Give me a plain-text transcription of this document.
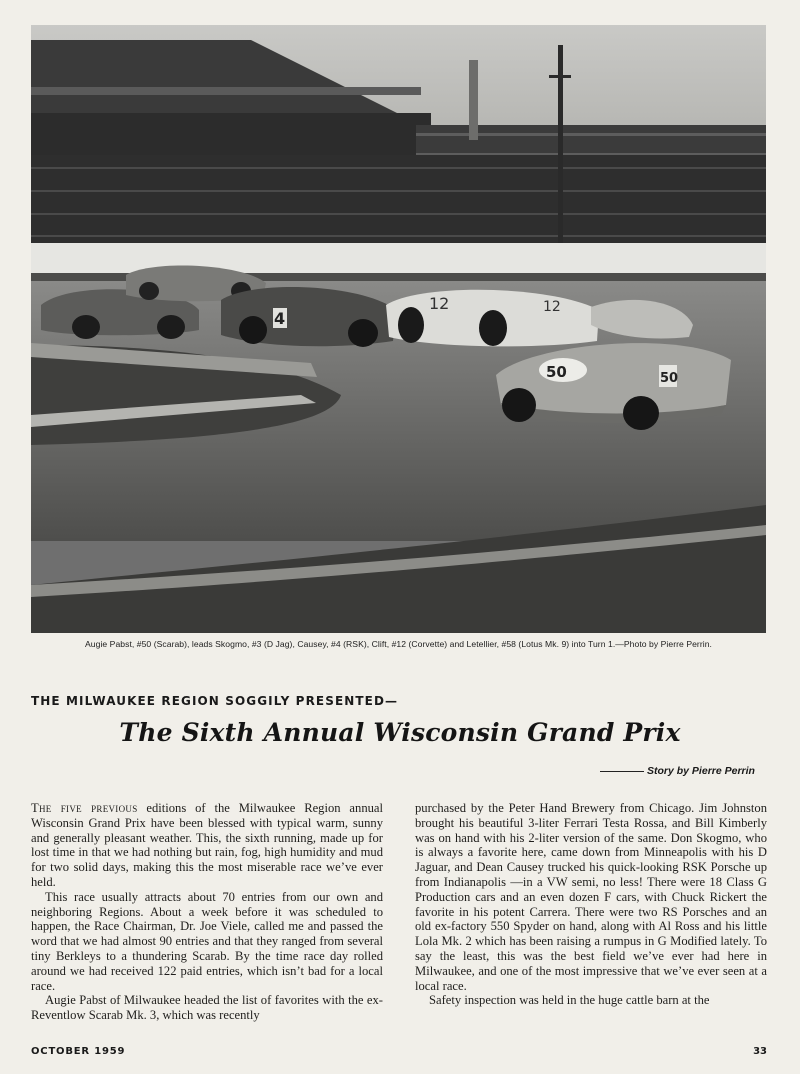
4
12	12
50	50
Augie Pabst, #50 (Scarab), leads Skogmo, #3 (D Jag), Causey, #4 (RSK), Clift, #12 (Corvette) and Letellier, #58 (Lotus Mk. 9) into Turn 1.—Photo by Pierre Perrin.
THE MILWAUKEE REGION SOGGILY PRESENTED—
The Sixth Annual Wisconsin Grand Prix
Story by Pierre Perrin

The five previous editions of the Milwaukee Region annual Wisconsin Grand Prix have been blessed with typical warm, sunny and generally pleasant weather. This, the sixth running, made up for lost time in that we had nothing but rain, fog, high humidity and mud for two solid days, making this the most miserable race we’ve ever held.

This race usually attracts about 70 entries from our own and neighboring Regions. About a week before it was scheduled to happen, the Race Chairman, Dr. Joe Viele, called me and passed the word that we had almost 90 entries and that they ranged from several tiny Berkleys to a thundering Scarab. By the time race day rolled around we had received 122 paid entries, which isn’t bad for a local race.

Augie Pabst of Milwaukee headed the list of favorites with the ex-Reventlow Scarab Mk. 3, which was recently

purchased by the Peter Hand Brewery from Chicago. Jim Johnston brought his beautiful 3-liter Ferrari Testa Rossa, and Bill Kimberly was on hand with his 2-liter version of the same. Don Skogmo, who is always a favorite here, came down from Minneapolis with his D Jaguar, and Dean Causey trucked his quick-looking RSK Porsche up from Indianapolis —in a VW semi, no less! There were 18 Class G Production cars and an even dozen F cars, with Chuck Rickert the favorite in his potent Carrera. There were two RS Porsches and an old ex-factory 550 Spyder on hand, along with Al Ross and his little Lola Mk. 2 which has been raising a rumpus in G Modified lately. To say the least, this was the best field we’ve ever had here in Milwaukee, and one of the most impressive that we’ve ever seen at a local race.

Safety inspection was held in the huge cattle barn at the

OCTOBER 1959	33
